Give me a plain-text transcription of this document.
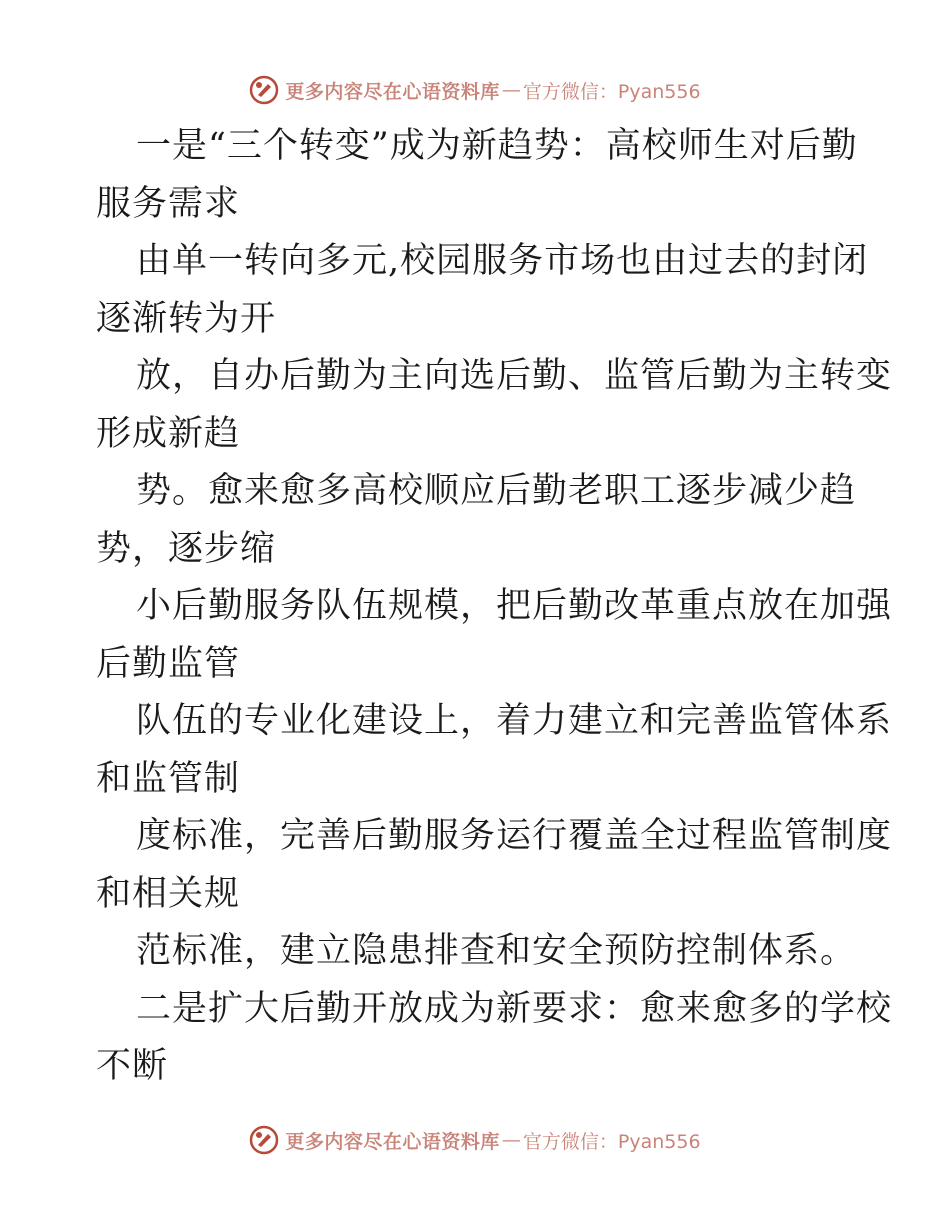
更多内容尽在心语资料库 — 官方微信：Pyan556
一是“三个转变”成为新趋势：高校师生对后勤
服务需求
由单一转向多元,校园服务市场也由过去的封闭
逐渐转为开
放，自办后勤为主向选后勤、监管后勤为主转变
形成新趋
势。愈来愈多高校顺应后勤老职工逐步减少趋
势，逐步缩
小后勤服务队伍规模，把后勤改革重点放在加强
后勤监管
队伍的专业化建设上，着力建立和完善监管体系
和监管制
度标准，完善后勤服务运行覆盖全过程监管制度
和相关规
范标准，建立隐患排查和安全预防控制体系。
二是扩大后勤开放成为新要求：愈来愈多的学校
不断
更多内容尽在心语资料库 — 官方微信：Pyan556
